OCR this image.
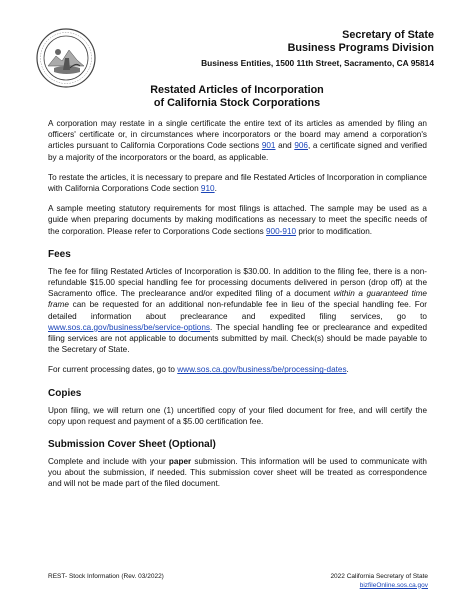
Secretary of State
Business Programs Division
Business Entities, 1500 11th Street, Sacramento, CA 95814
Restated Articles of Incorporation
of California Stock Corporations

A corporation may restate in a single certificate the entire text of its articles as amended by filing an officers' certificate or, in circumstances where incorporators or the board may amend a corporation's articles pursuant to California Corporations Code sections 901 and 906, a certificate signed and verified by a majority of the incorporators or the board, as applicable.

To restate the articles, it is necessary to prepare and file Restated Articles of Incorporation in compliance with California Corporations Code section 910.

A sample meeting statutory requirements for most filings is attached. The sample may be used as a guide when preparing documents by making modifications as necessary to meet the specific needs of the corporation. Please refer to Corporations Code sections 900-910 prior to modification.

Fees

The fee for filing Restated Articles of Incorporation is $30.00. In addition to the filing fee, there is a non-refundable $15.00 special handling fee for processing documents delivered in person (drop off) at the Sacramento office. The preclearance and/or expedited filing of a document within a guaranteed time frame can be requested for an additional non-refundable fee in lieu of the special handling fee. For detailed information about preclearance and expedited filing services, go to www.sos.ca.gov/business/be/service-options. The special handling fee or preclearance and expedited filing services are not applicable to documents submitted by mail. Check(s) should be made payable to the Secretary of State.

For current processing dates, go to www.sos.ca.gov/business/be/processing-dates.

Copies

Upon filing, we will return one (1) uncertified copy of your filed document for free, and will certify the copy upon request and payment of a $5.00 certification fee.

Submission Cover Sheet (Optional)

Complete and include with your paper submission. This information will be used to communicate with you about the submission, if needed. This submission cover sheet will be treated as correspondence and will not be made part of the filed document.

REST- Stock Information (Rev. 03/2022)	2022 California Secretary of State
bizfileOnline.sos.ca.gov
